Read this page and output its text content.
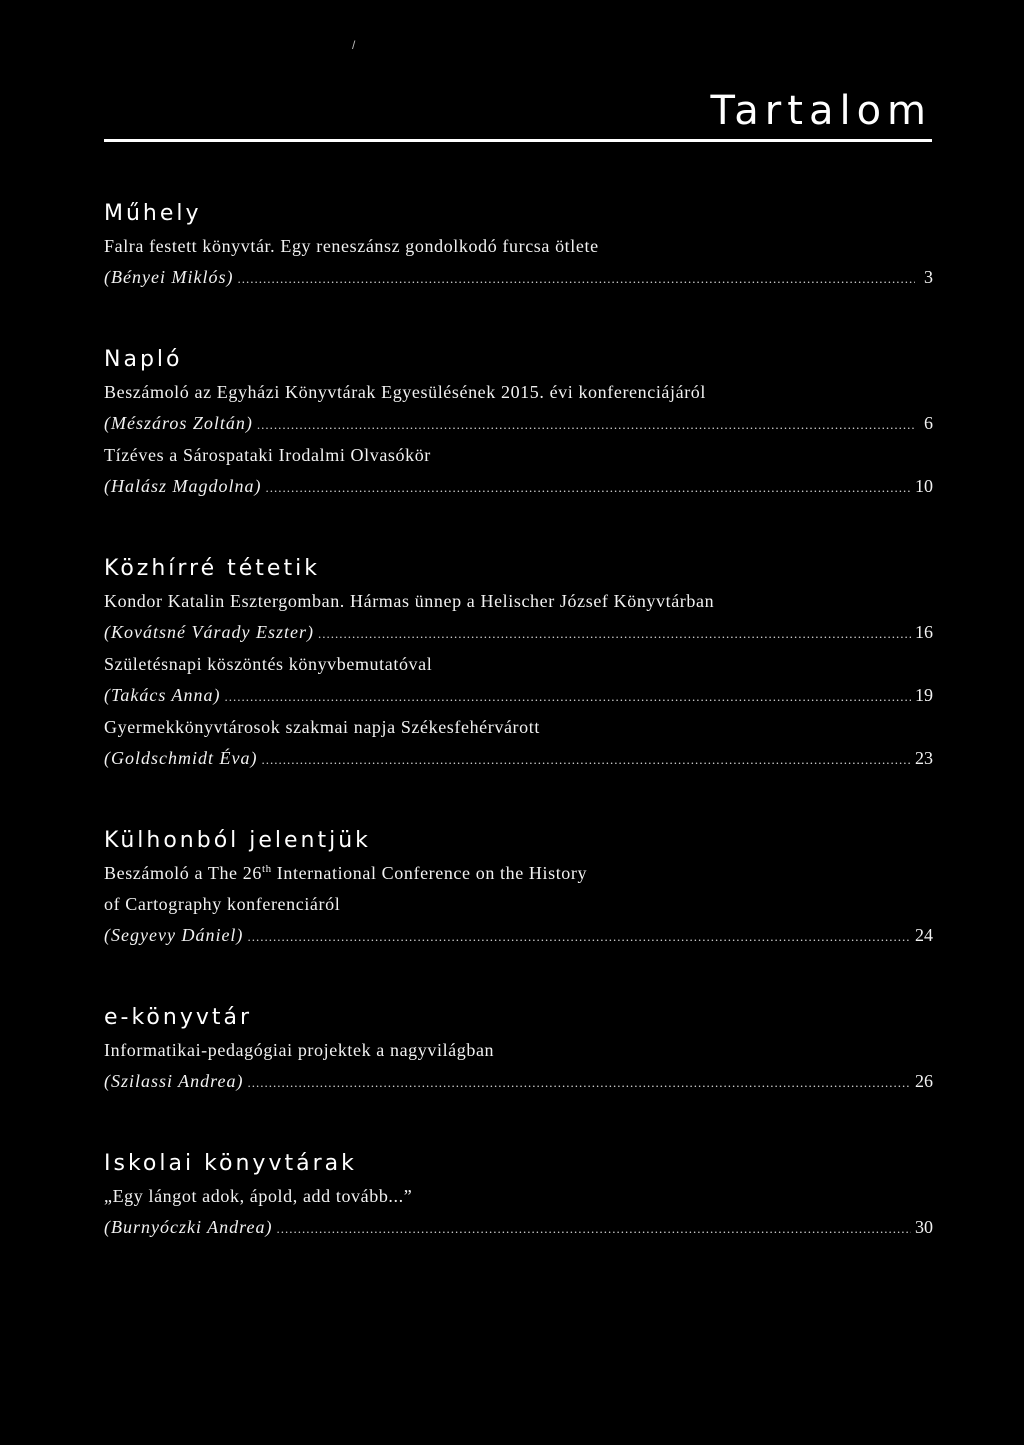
/
Tartalom
Műhely
Falra festett könyvtár. Egy reneszánsz gondolkodó furcsa ötlete
(Bényei Miklós) .....	3
Napló
Beszámoló az Egyházi Könyvtárak Egyesülésének 2015. évi konferenciájáról
(Mészáros Zoltán) .....	6
Tízéves a Sárospataki Irodalmi Olvasókör
(Halász Magdolna) .....	10
Közhírré tétetik
Kondor Katalin Esztergomban. Hármas ünnep a Helischer József Könyvtárban
(Kovátsné Várady Eszter) .....	16
Születésnapi köszöntés könyvbemutatóval
(Takács Anna) .....	19
Gyermekkönyvtárosok szakmai napja Székesfehérvárott
(Goldschmidt Éva) .....	23
Külhonból jelentjük
Beszámoló a The 26th International Conference on the History
of Cartography konferenciáról
(Segyevy Dániel) .....	24
e-könyvtár
Informatikai-pedagógiai projektek a nagyvilágban
(Szilassi Andrea) .....	26
Iskolai könyvtárak
„Egy lángot adok, ápold, add tovább...”
(Burnyóczki Andrea) .....	30
